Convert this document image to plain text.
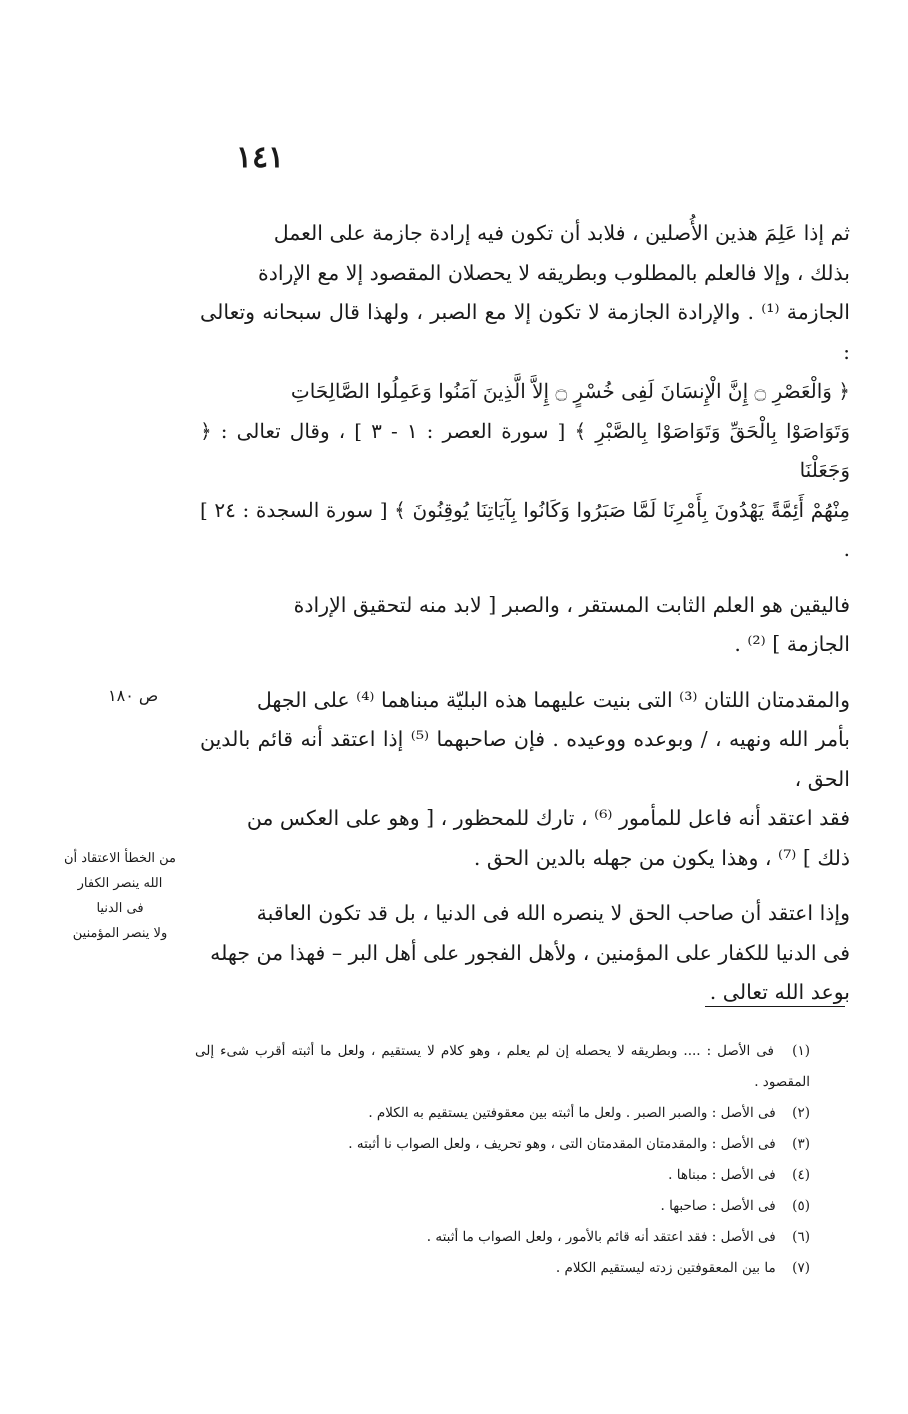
١٤١

ثم إذا عَلِمَ هذين الأُصلين ، فلابد أن تكون فيه إرادة جازمة على العمل

بذلك ، وإلا فالعلم بالمطلوب وبطريقه لا يحصلان المقصود إلا مع الإرادة

الجازمة ⁽¹⁾ . والإرادة الجازمة لا تكون إلا مع الصبر ، ولهذا قال سبحانه وتعالى :

﴿ وَالْعَصْرِ ۝ إِنَّ الْإِنسَانَ لَفِى خُسْرٍ ۝ إِلاَّ الَّذِينَ آمَنُوا وَعَمِلُوا الصَّالِحَاتِ

وَتَوَاصَوْا بِالْحَقِّ وَتَوَاصَوْا بِالصَّبْرِ ﴾ [ سورة العصر : ١ - ٣ ] ، وقال تعالى : ﴿ وَجَعَلْنَا

مِنْهُمْ أَئِمَّةً يَهْدُونَ بِأَمْرِنَا لَمَّا صَبَرُوا وَكَانُوا بِآيَاتِنَا يُوقِنُونَ ﴾ [ سورة السجدة : ٢٤ ] .

فاليقين هو العلم الثابت المستقر ، والصبر [ لابد منه لتحقيق الإرادة

الجازمة ] ⁽²⁾ .

والمقدمتان اللتان ⁽³⁾ التى بنيت عليهما هذه البليّة مبناهما ⁽⁴⁾ على الجهل

بأمر الله ونهيه ، / وبوعده ووعيده . فإن صاحبهما ⁽⁵⁾ إذا اعتقد أنه قائم بالدين الحق ،

فقد اعتقد أنه فاعل للمأمور ⁽⁶⁾ ، تارك للمحظور ، [ وهو على العكس من

ذلك ] ⁽⁷⁾ ، وهذا يكون من جهله بالدين الحق .

وإذا اعتقد أن صاحب الحق لا ينصره الله فى الدنيا ، بل قد تكون العاقبة

فى الدنيا للكفار على المؤمنين ، ولأهل الفجور على أهل البر – فهذا من جهله

بوعد الله تعالى .

ص ١٨٠
من الخطأ الاعتقاد أن
الله ينصر الكفار
فى الدنيا
ولا ينصر المؤمنين

(١) فى الأصل : .... وبطريقه لا يحصله إن لم يعلم ، وهو كلام لا يستقيم ، ولعل ما أثبته أقرب شىء إلى المقصود .

(٢) فى الأصل : والصبر الصبر . ولعل ما أثبته بين معقوفتين يستقيم به الكلام .

(٣) فى الأصل : والمقدمتان المقدمتان التى ، وهو تحريف ، ولعل الصواب نا أثبته .

(٤) فى الأصل : مبناها .

(٥) فى الأصل : صاحبها .

(٦) فى الأصل : فقد اعتقد أنه قائم بالأمور ، ولعل الصواب ما أثبته .

(٧) ما بين المعقوفتين زدته ليستقيم الكلام .
